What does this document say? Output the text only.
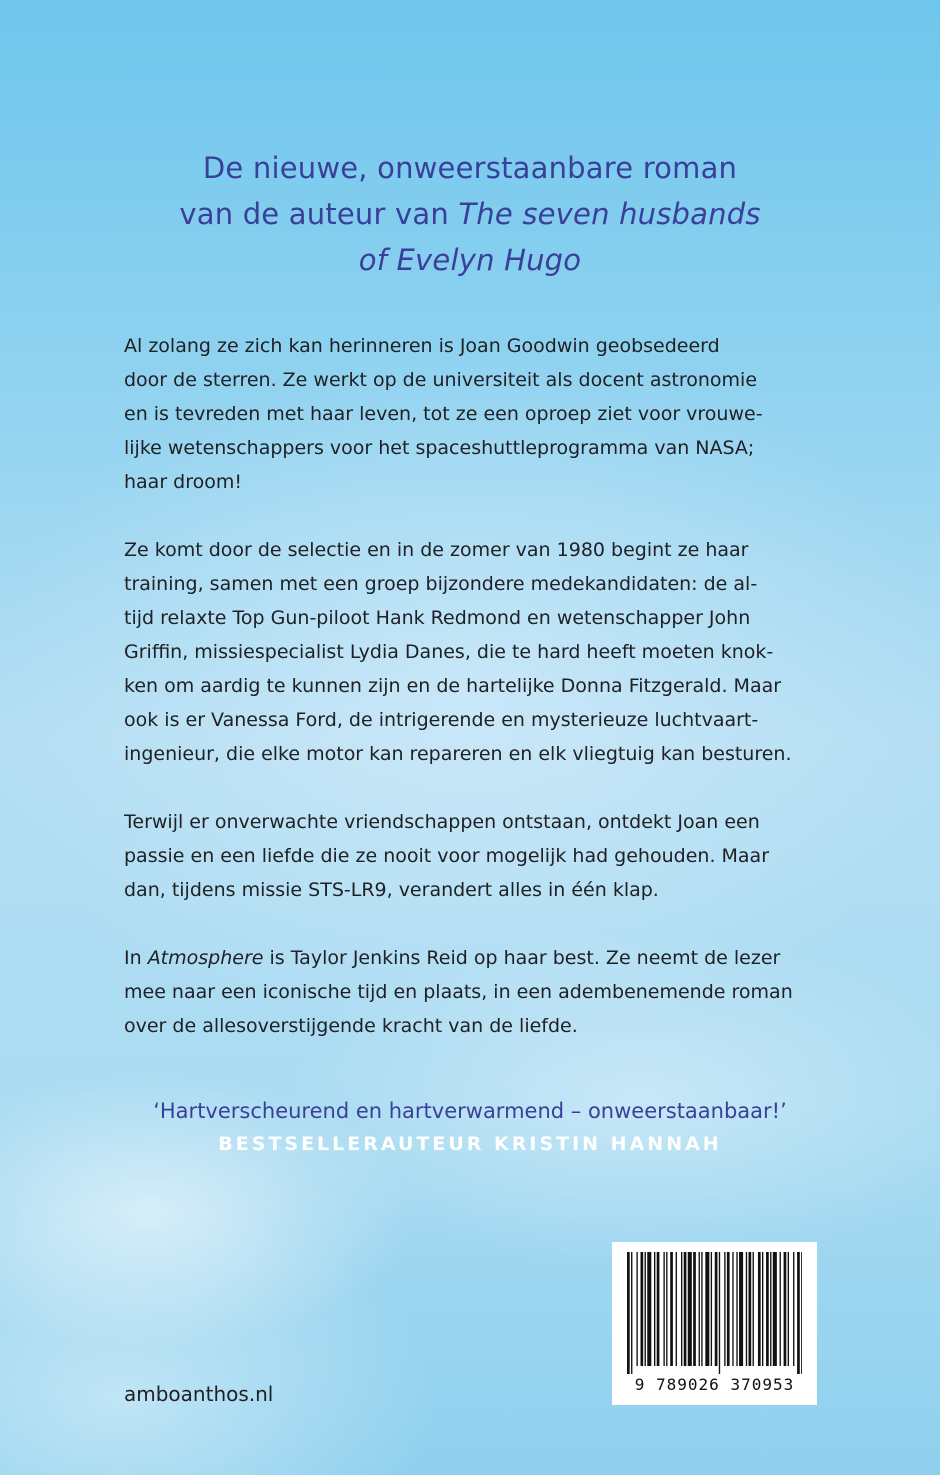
De nieuwe, onweerstaanbare roman
van de auteur van The seven husbands
of Evelyn Hugo
Al zolang ze zich kan herinneren is Joan Goodwin geobsedeerd
door de sterren. Ze werkt op de universiteit als docent astronomie
en is tevreden met haar leven, tot ze een oproep ziet voor vrouwe-
lijke wetenschappers voor het spaceshuttleprogramma van NASA;
haar droom!
Ze komt door de selectie en in de zomer van 1980 begint ze haar
training, samen met een groep bijzondere medekandidaten: de al-
tijd relaxte Top Gun-piloot Hank Redmond en wetenschapper John
Griffin, missiespecialist Lydia Danes, die te hard heeft moeten knok-
ken om aardig te kunnen zijn en de hartelijke Donna Fitzgerald. Maar
ook is er Vanessa Ford, de intrigerende en mysterieuze luchtvaart-
ingenieur, die elke motor kan repareren en elk vliegtuig kan besturen.
Terwijl er onverwachte vriendschappen ontstaan, ontdekt Joan een
passie en een liefde die ze nooit voor mogelijk had gehouden. Maar
dan, tijdens missie STS-LR9, verandert alles in één klap.
In Atmosphere is Taylor Jenkins Reid op haar best. Ze neemt de lezer
mee naar een iconische tijd en plaats, in een adembenemende roman
over de allesoverstijgende kracht van de liefde.
‘Hartverscheurend en hartverwarmend – onweerstaanbaar!’
BESTSELLERAUTEUR KRISTIN HANNAH
amboanthos.nl	9 789026 370953
